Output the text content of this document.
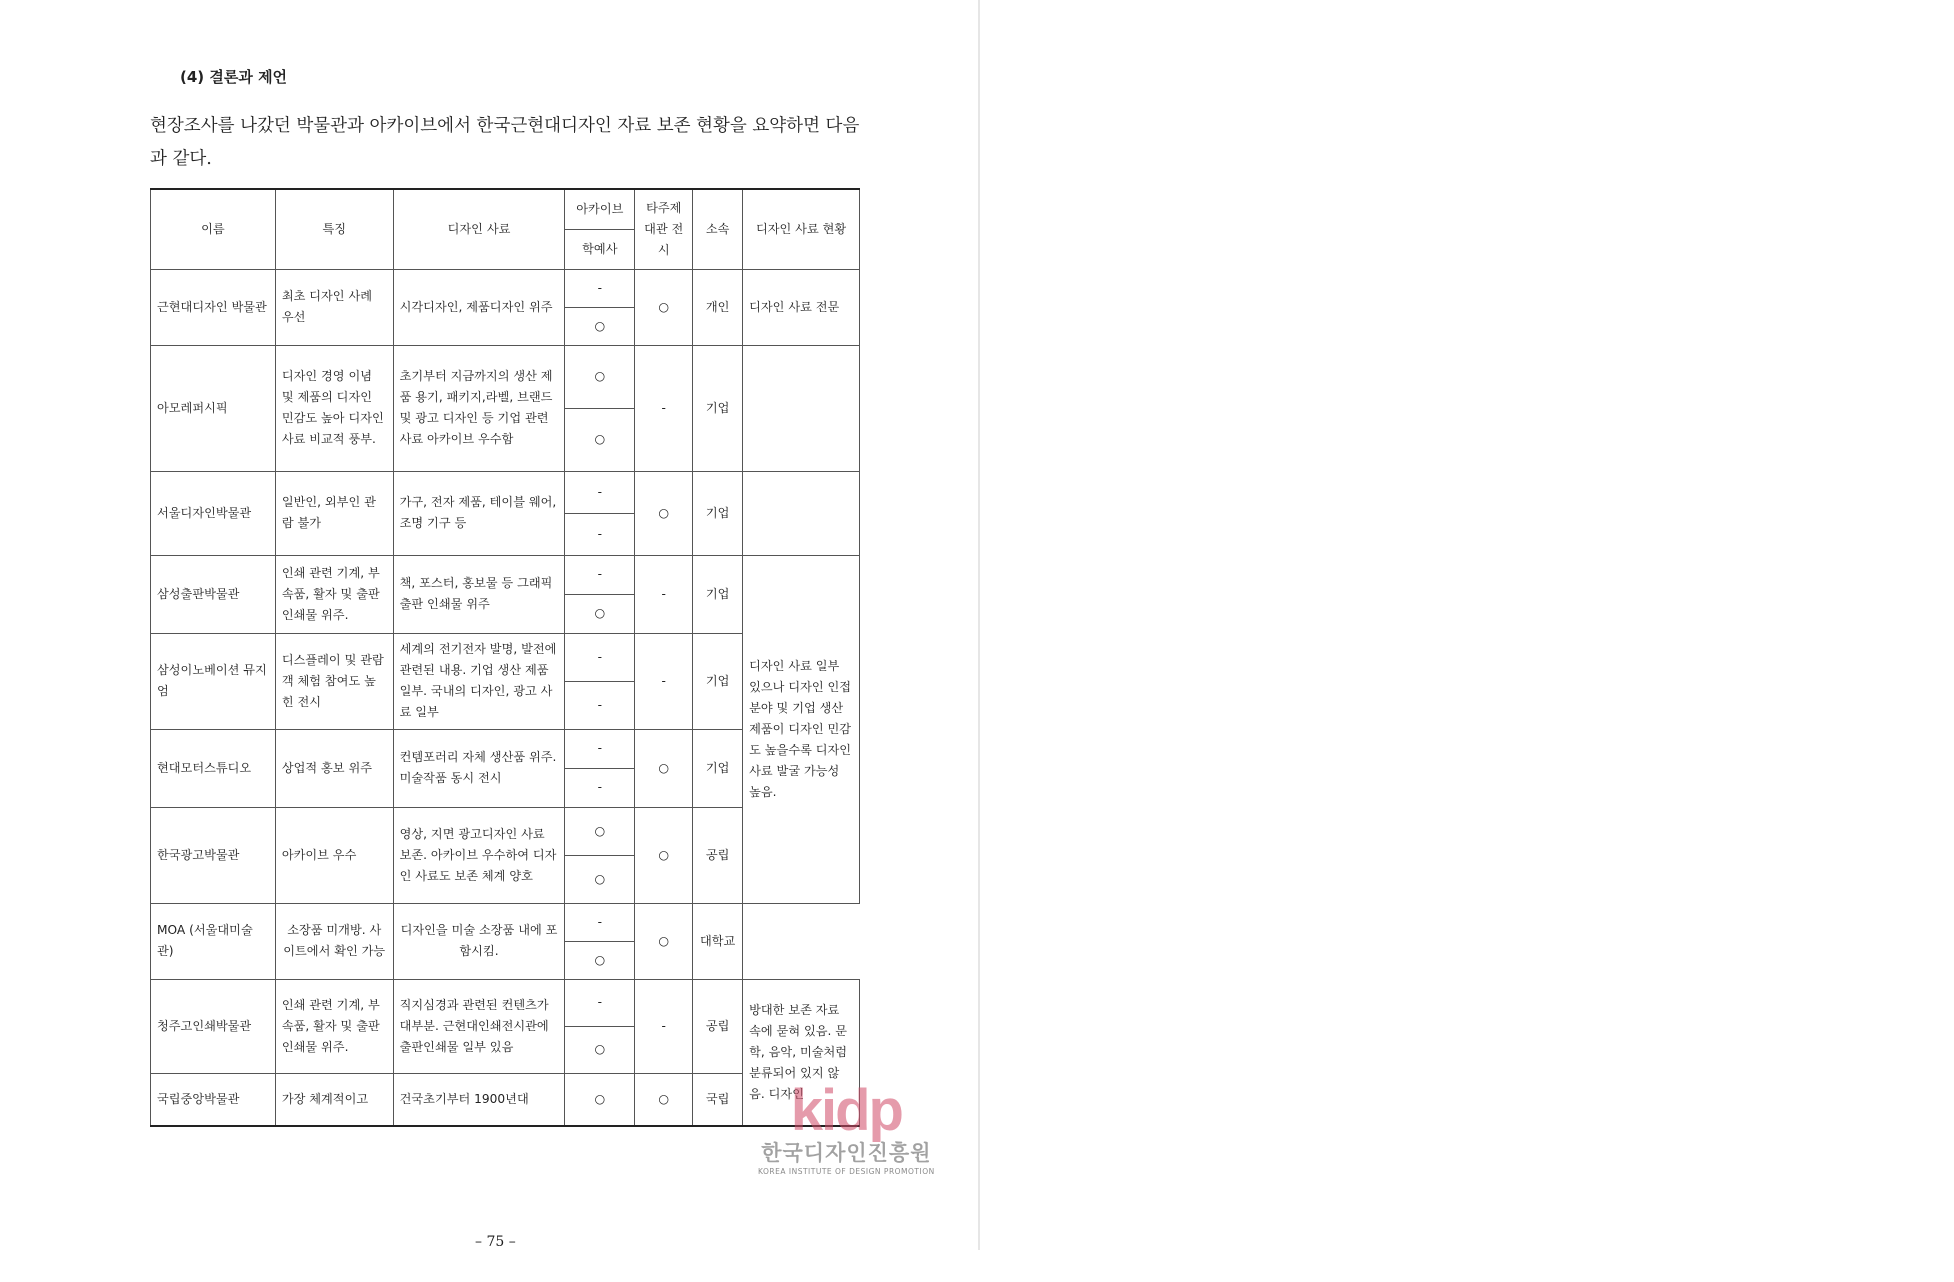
(4) 결론과 제언
현장조사를 나갔던 박물관과 아카이브에서 한국근현대디자인 자료 보존 현황을 요약하면 다음과 같다.
이름	특징	디자인 사료	아카이브	타주제 대관 전시	소속	디자인 사료 현황
			학예사			
근현대디자인 박물관	최초 디자인 사례 우선	시각디자인, 제품디자인 위주	-	○	개인	디자인 사료 전문
			○			
아모레퍼시픽	디자인 경영 이념 및 제품의 디자인 민감도 높아 디자인 사료 비교적 풍부.	초기부터 지금까지의 생산 제품 용기, 패키지,라벨, 브랜드 및 광고 디자인 등 기업 관련 사료 아카이브 우수함	○	-	기업	
			○			
서울디자인박물관	일반인, 외부인 관람 불가	가구, 전자 제품, 테이블 웨어, 조명 기구 등	-	○	기업	
			-			
삼성출판박물관	인쇄 관련 기계, 부속품, 활자 및 출판인쇄물 위주.	책, 포스터, 홍보물 등 그래픽 출판 인쇄물 위주	-	-	기업	디자인 사료 일부 있으나 디자인 인접 분야 및 기업 생산 제품이 디자인 민감도 높을수록 디자인 사료 발굴 가능성 높음.
			○			
삼성이노베이션 뮤지엄	디스플레이 및 관람객 체험 참여도 높힌 전시	세계의 전기전자 발명, 발전에 관련된 내용. 기업 생산 제품 일부. 국내의 디자인, 광고 사료 일부	-	-	기업	
			-			
현대모터스튜디오	상업적 홍보 위주	컨템포러리 자체 생산품 위주. 미술작품 동시 전시	-	○	기업	
			-			
한국광고박물관	아카이브 우수	영상, 지면 광고디자인 사료 보존. 아카이브 우수하여 디자인 사료도 보존 체계 양호	○	○	공립	
			○			
MOA (서울대미술관)	소장품 미개방. 사이트에서 확인 가능	디자인을 미술 소장품 내에 포함시킴.	-	○	대학교	
			○			
청주고인쇄박물관	인쇄 관련 기계, 부속품, 활자 및 출판인쇄물 위주.	직지심경과 관련된 컨텐츠가 대부분. 근현대인쇄전시관에 출판인쇄물 일부 있음	-	-	공립	방대한 보존 자료 속에 묻혀 있음. 문학, 음악, 미술처럼 분류되어 있지 않음. 디자인
			○			
국립중앙박물관	가장 체계적이고	건국초기부터 1900년대	○	○	국립		kidp
한국디자인진흥원
KOREA INSTITUTE OF DESIGN PROMOTION
– 75 –
